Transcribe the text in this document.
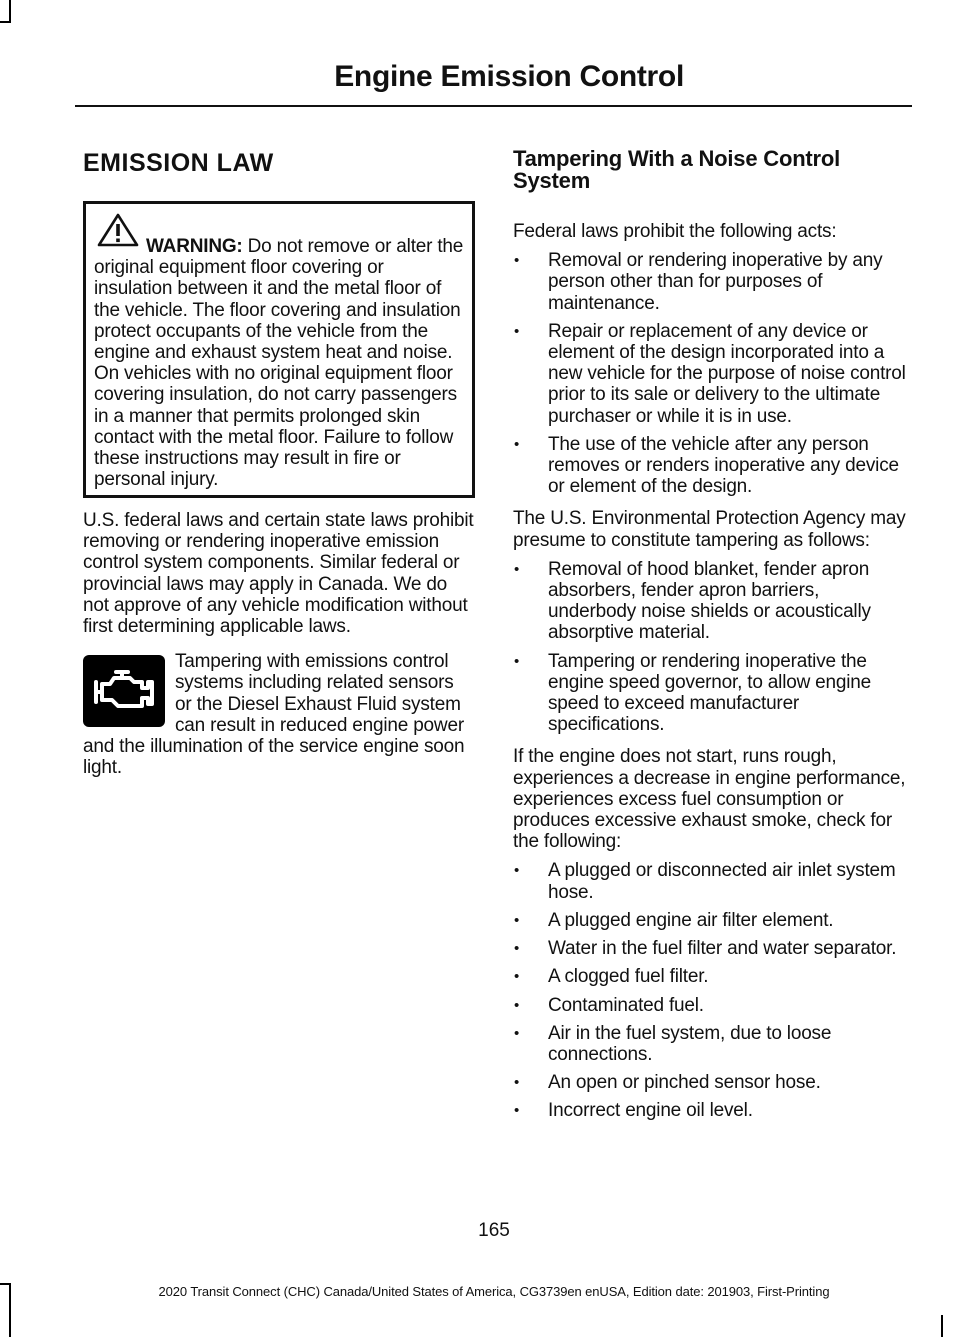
Engine Emission Control
EMISSION LAW

WARNING: Do not remove or alter the original equipment floor covering or insulation between it and the metal floor of the vehicle. The floor covering and insulation protect occupants of the vehicle from the engine and exhaust system heat and noise. On vehicles with no original equipment floor covering insulation, do not carry passengers in a manner that permits prolonged skin contact with the metal floor. Failure to follow these instructions may result in fire or personal injury.

U.S. federal laws and certain state laws prohibit removing or rendering inoperative emission control system components. Similar federal or provincial laws may apply in Canada. We do not approve of any vehicle modification without first determining applicable laws.

Tampering with emissions control systems including related sensors or the Diesel Exhaust Fluid system can result in reduced engine power and the illumination of the service engine soon light.
Tampering With a Noise Control System

Federal laws prohibit the following acts:

• Removal or rendering inoperative by any person other than for purposes of maintenance.
• Repair or replacement of any device or element of the design incorporated into a new vehicle for the purpose of noise control prior to its sale or delivery to the ultimate purchaser or while it is in use.
• The use of the vehicle after any person removes or renders inoperative any device or element of the design.

The U.S. Environmental Protection Agency may presume to constitute tampering as follows:

• Removal of hood blanket, fender apron absorbers, fender apron barriers, underbody noise shields or acoustically absorptive material.
• Tampering or rendering inoperative the engine speed governor, to allow engine speed to exceed manufacturer specifications.

If the engine does not start, runs rough, experiences a decrease in engine performance, experiences excess fuel consumption or produces excessive exhaust smoke, check for the following:

• A plugged or disconnected air inlet system hose.
• A plugged engine air filter element.
• Water in the fuel filter and water separator.
• A clogged fuel filter.
• Contaminated fuel.
• Air in the fuel system, due to loose connections.
• An open or pinched sensor hose.
• Incorrect engine oil level.
165
2020 Transit Connect (CHC) Canada/United States of America, CG3739en enUSA, Edition date: 201903, First-Printing
